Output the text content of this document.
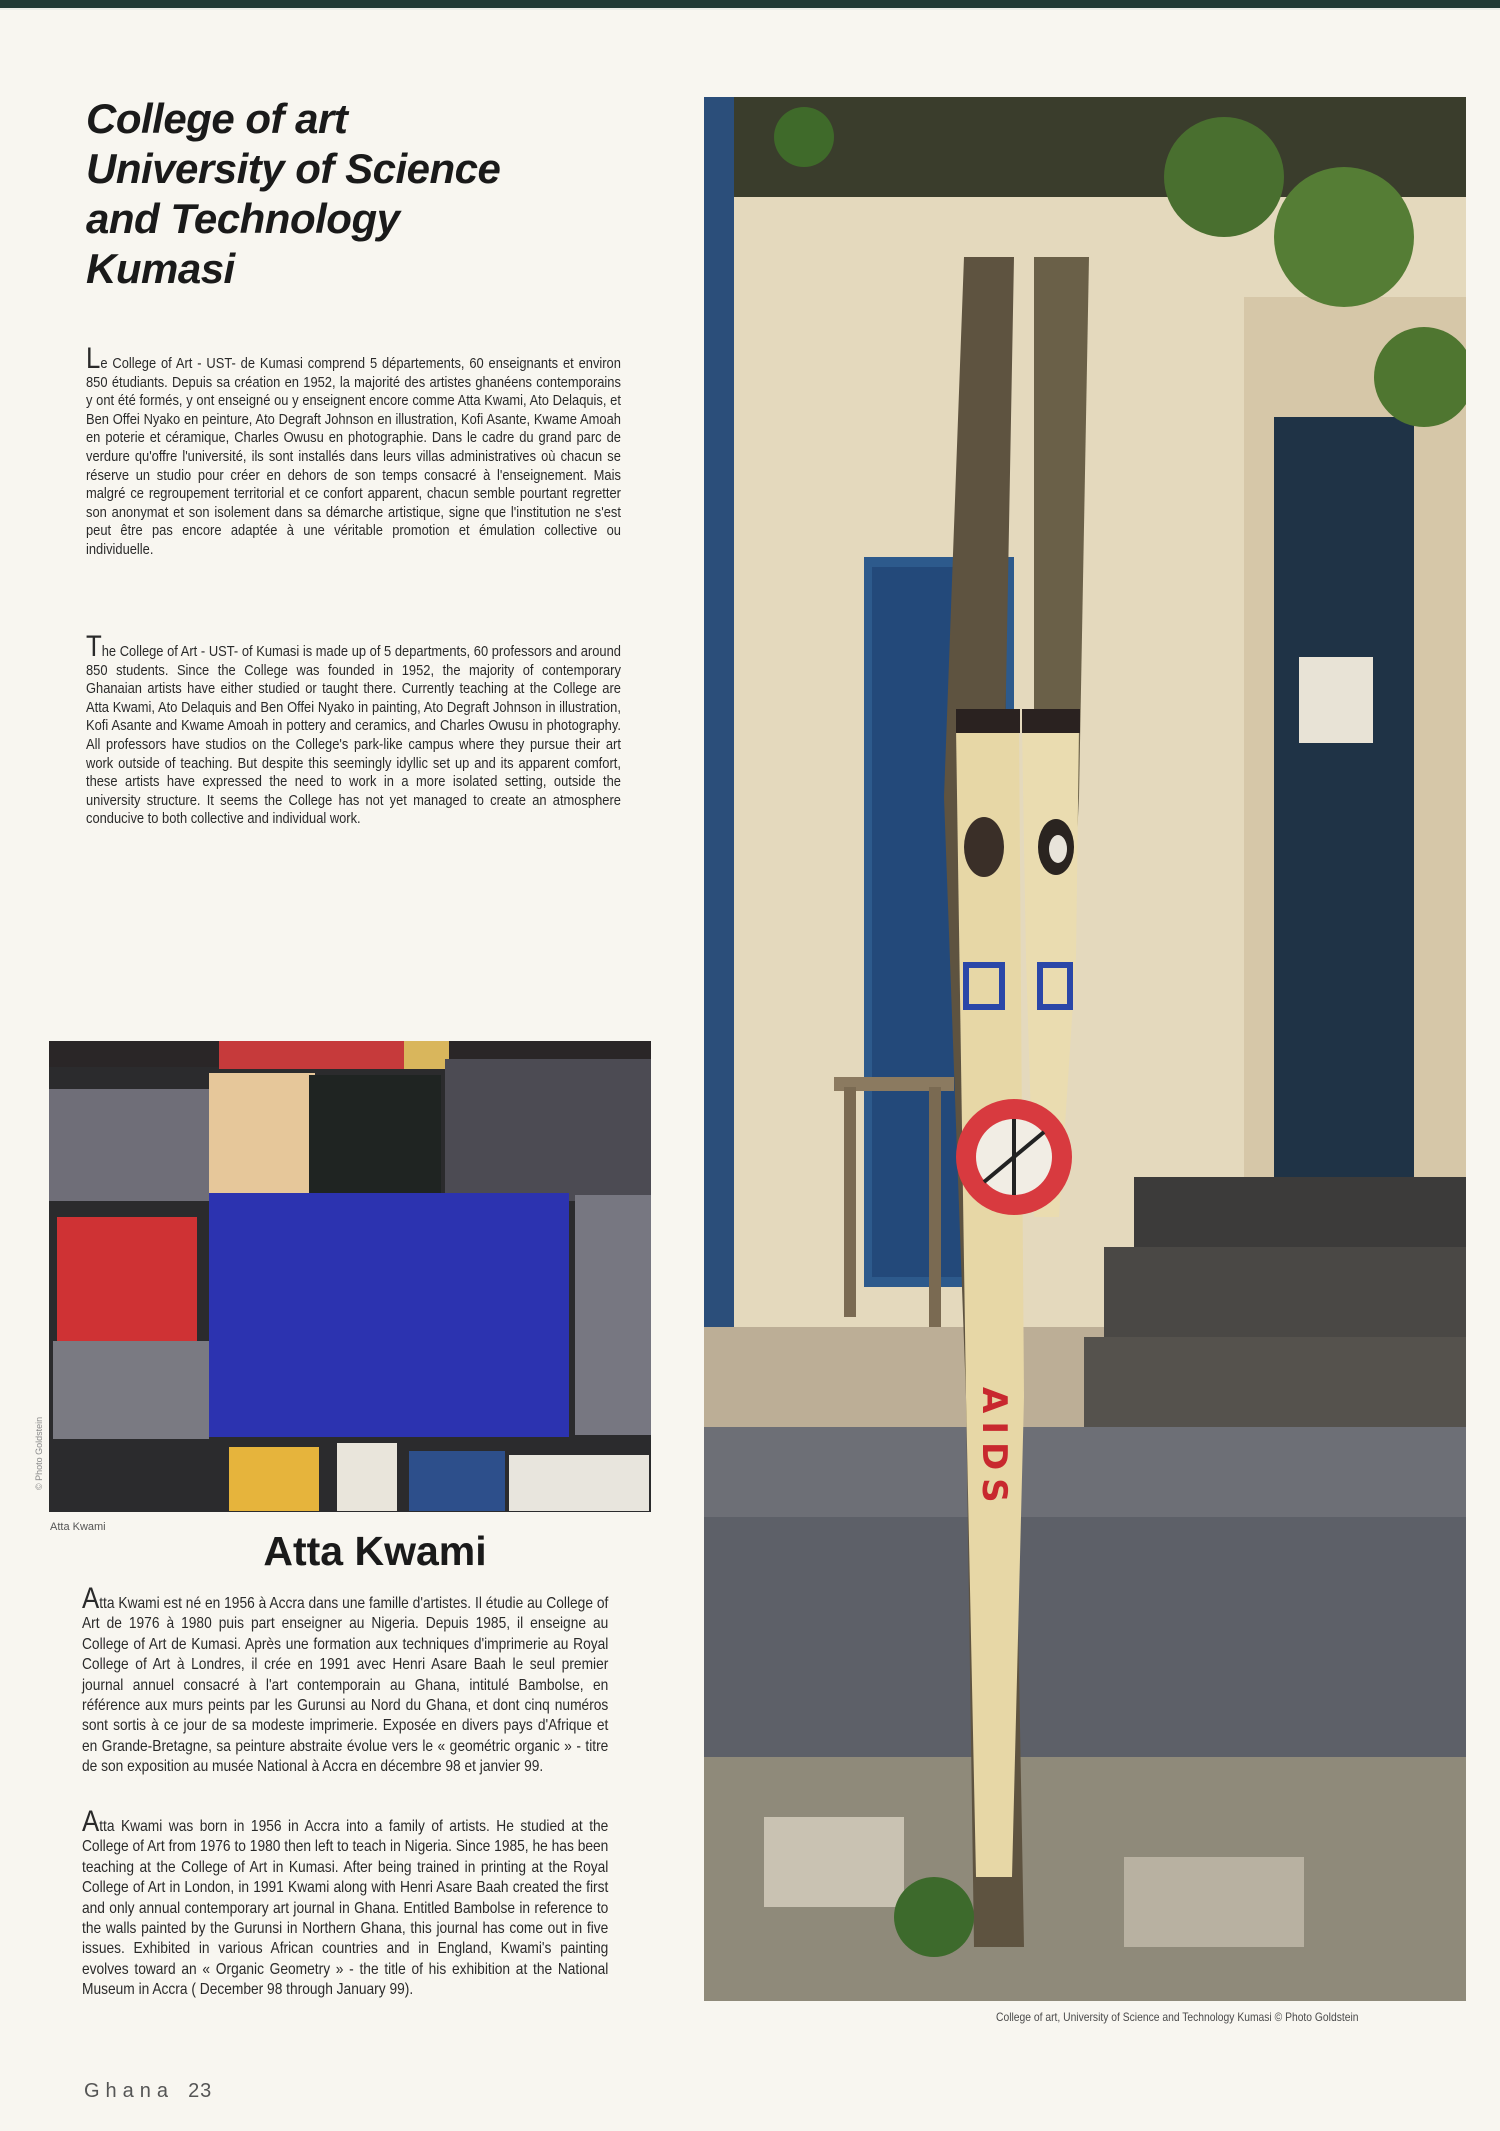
College of art
University of Science
and Technology
Kumasi

Le College of Art - UST- de Kumasi comprend 5 départements, 60 enseignants et environ 850 étudiants. Depuis sa création en 1952, la majorité des artistes ghanéens contemporains y ont été formés, y ont enseigné ou y enseignent encore comme Atta Kwami, Ato Delaquis, et Ben Offei Nyako en peinture, Ato Degraft Johnson en illustration, Kofi Asante, Kwame Amoah en poterie et céramique, Charles Owusu en photographie. Dans le cadre du grand parc de verdure qu'offre l'université, ils sont installés dans leurs villas administratives où chacun se réserve un studio pour créer en dehors de son temps consacré à l'enseignement. Mais malgré ce regroupement territorial et ce confort apparent, chacun semble pourtant regretter son anonymat et son isolement dans sa démarche artistique, signe que l'institution ne s'est peut être pas encore adaptée à une véritable promotion et émulation collective ou individuelle.

The College of Art - UST- of Kumasi is made up of 5 departments, 60 professors and around 850 students. Since the College was founded in 1952, the majority of contemporary Ghanaian artists have either studied or taught there. Currently teaching at the College are Atta Kwami, Ato Delaquis and Ben Offei Nyako in painting, Ato Degraft Johnson in illustration, Kofi Asante and Kwame Amoah in pottery and ceramics, and Charles Owusu in photography. All professors have studios on the College's park-like campus where they pursue their art work outside of teaching. But despite this seemingly idyllic set up and its apparent comfort, these artists have expressed the need to work in a more isolated setting, outside the university structure. It seems the College has not yet managed to create an atmosphere conducive to both collective and individual work.

© Photo Goldstein
Atta Kwami
Atta Kwami

Atta Kwami est né en 1956 à Accra dans une famille d'artistes. Il étudie au College of Art de 1976 à 1980 puis part enseigner au Nigeria. Depuis 1985, il enseigne au College of Art de Kumasi. Après une formation aux techniques d'imprimerie au Royal College of Art à Londres, il crée en 1991 avec Henri Asare Baah le seul premier journal annuel consacré à l'art contemporain au Ghana, intitulé Bambolse, en référence aux murs peints par les Gurunsi au Nord du Ghana, et dont cinq numéros sont sortis à ce jour de sa modeste imprimerie. Exposée en divers pays d'Afrique et en Grande-Bretagne, sa peinture abstraite évolue vers le « geométric organic » - titre de son exposition au musée National à Accra en décembre 98 et janvier 99.

Atta Kwami was born in 1956 in Accra into a family of artists. He studied at the College of Art from 1976 to 1980 then left to teach in Nigeria. Since 1985, he has been teaching at the College of Art in Kumasi. After being trained in printing at the Royal College of Art in London, in 1991 Kwami along with Henri Asare Baah created the first and only annual contemporary art journal in Ghana. Entitled Bambolse in reference to the walls painted by the Gurunsi in Northern Ghana, this journal has come out in five issues. Exhibited in various African countries and in England, Kwami's painting evolves toward an « Organic Geometry » - the title of his exhibition at the National Museum in Accra ( December 98 through January 99).

AIDS
College of art, University of Science and Technology Kumasi © Photo Goldstein
Ghana 23
